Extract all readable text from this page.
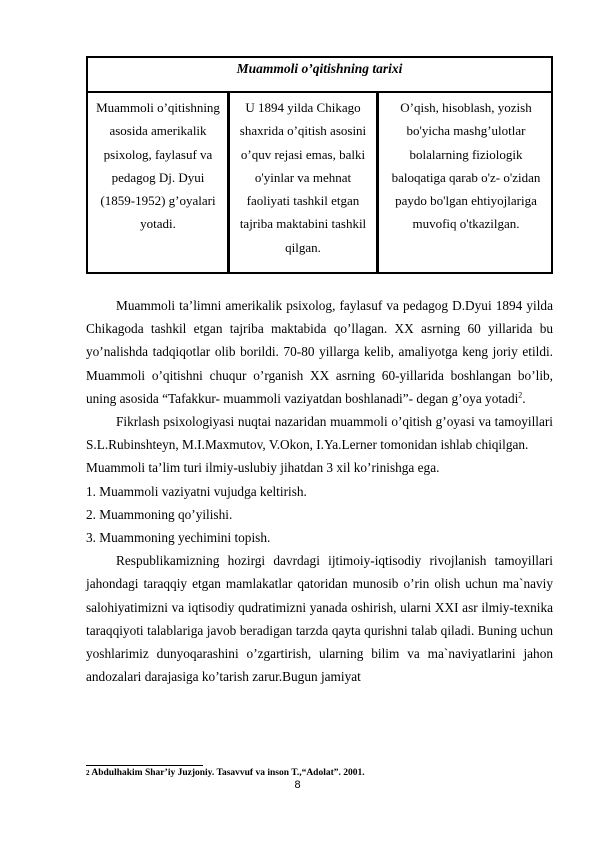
Muammoli o’qitishning tarixi
Muammoli o’qitishning asosida amerikalik psixolog, faylasuf va pedagog Dj. Dyui (1859-1952) g’oyalari yotadi.
U 1894 yilda Chikago shaxrida o’qitish asosini o’quv rejasi emas, balki o'yinlar va mehnat faoliyati tashkil etgan tajriba maktabini tashkil qilgan.
O’qish, hisoblash, yozish bo'yicha mashg’ulotlar bolalarning fiziologik baloqatiga qarab o'z- o'zidan paydo bo'lgan ehtiyojlariga muvofiq o'tkazilgan.

Muammoli ta’limni amerikalik psixolog, faylasuf va pedagog D.Dyui 1894 yilda Chikagoda tashkil etgan tajriba maktabida qo’llagan. XX asrning 60 yillarida bu yo’nalishda tadqiqotlar olib borildi. 70-80 yillarga kelib, amaliyotga keng joriy etildi. Muammoli o’qitishni chuqur o’rganish XX asrning 60-yillarida boshlangan bo’lib, uning asosida “Tafakkur- muammoli vaziyatdan boshlanadi”- degan g’oya yotadi$^2$.

Fikrlash psixologiyasi nuqtai nazaridan muammoli o’qitish g’oyasi va tamoyillari S.L.Rubinshteyn, M.I.Maxmutov, V.Okon, I.Ya.Lerner tomonidan ishlab chiqilgan.

Muammoli ta’lim turi ilmiy-uslubiy jihatdan 3 xil ko’rinishga ega.

1. Muammoli vaziyatni vujudga keltirish.

2. Muammoning qo’yilishi.

3. Muammoning yechimini topish.

Respublikamizning hozirgi davrdagi ijtimoiy-iqtisodiy rivojlanish tamoyillari jahondagi taraqqiy etgan mamlakatlar qatoridan munosib o’rin olish uchun ma`naviy salohiyatimizni va iqtisodiy qudratimizni yanada oshirish, ularni XXI asr ilmiy-texnika taraqqiyoti talablariga javob beradigan tarzda qayta qurishni talab qiladi. Buning uchun yoshlarimiz dunyoqarashini o’zgartirish, ularning bilim va ma`naviyatlarini jahon andozalari darajasiga ko’tarish zarur.Bugun jamiyat

$^2$ Abdulhakim Shar’iy Juzjoniy. Tasavvuf va inson T.,“Adolat”. 2001.
8
